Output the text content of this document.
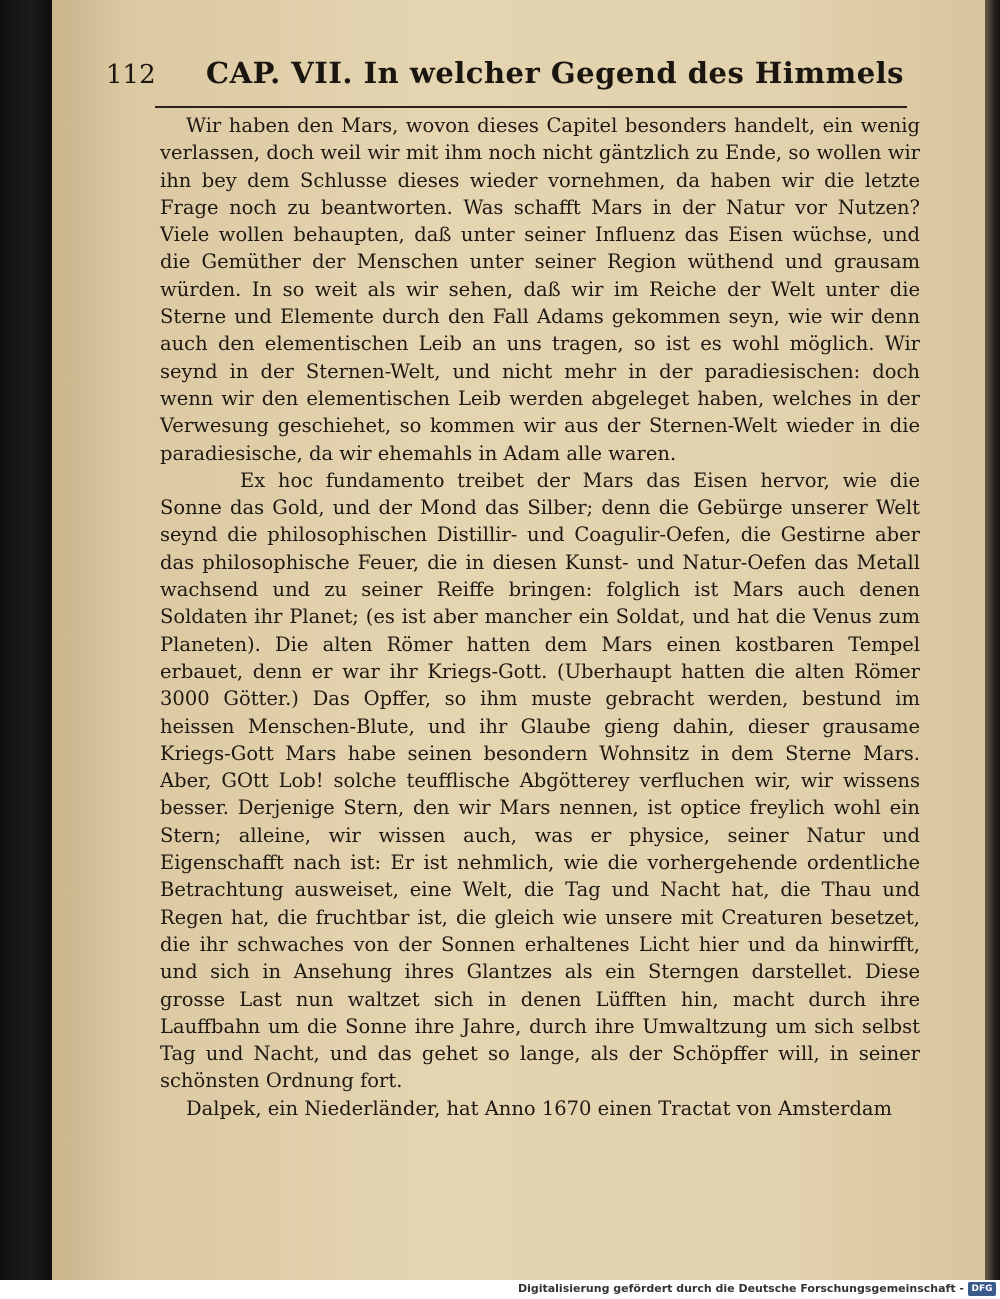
112 CAP. VII. In welcher Gegend des Himmels

Wir haben den Mars, wovon dieses Capitel besonders handelt, ein wenig verlassen, doch weil wir mit ihm noch nicht gäntzlich zu Ende, so wollen wir ihn bey dem Schlusse dieses wieder vornehmen, da haben wir die letzte Frage noch zu beantworten. Was schafft Mars in der Natur vor Nutzen? Viele wollen behaupten, daß unter seiner Influenz das Eisen wüchse, und die Gemüther der Menschen unter seiner Region wüthend und grausam würden. In so weit als wir sehen, daß wir im Reiche der Welt unter die Sterne und Elemente durch den Fall Adams gekommen seyn, wie wir denn auch den elementischen Leib an uns tragen, so ist es wohl möglich. Wir seynd in der Sternen-Welt, und nicht mehr in der paradiesischen: doch wenn wir den elementischen Leib werden abgeleget haben, welches in der Verwesung geschiehet, so kommen wir aus der Sternen-Welt wieder in die paradiesische, da wir ehemahls in Adam alle waren.

Ex hoc fundamento treibet der Mars das Eisen hervor, wie die Sonne das Gold, und der Mond das Silber; denn die Gebürge unserer Welt seynd die philosophischen Distillir- und Coagulir-Oefen, die Gestirne aber das philosophische Feuer, die in diesen Kunst- und Natur-Oefen das Metall wachsend und zu seiner Reiffe bringen: folglich ist Mars auch denen Soldaten ihr Planet; (es ist aber mancher ein Soldat, und hat die Venus zum Planeten). Die alten Römer hatten dem Mars einen kostbaren Tempel erbauet, denn er war ihr Kriegs-Gott. (Uberhaupt hatten die alten Römer 3000 Götter.) Das Opffer, so ihm muste gebracht werden, bestund im heissen Menschen-Blute, und ihr Glaube gieng dahin, dieser grausame Kriegs-Gott Mars habe seinen besondern Wohnsitz in dem Sterne Mars. Aber, GOtt Lob! solche teufflische Abgötterey verfluchen wir, wir wissens besser. Derjenige Stern, den wir Mars nennen, ist optice freylich wohl ein Stern; alleine, wir wissen auch, was er physice, seiner Natur und Eigenschafft nach ist: Er ist nehmlich, wie die vorhergehende ordentliche Betrachtung ausweiset, eine Welt, die Tag und Nacht hat, die Thau und Regen hat, die fruchtbar ist, die gleich wie unsere mit Creaturen besetzet, die ihr schwaches von der Sonnen erhaltenes Licht hier und da hinwirfft, und sich in Ansehung ihres Glantzes als ein Sterngen darstellet. Diese grosse Last nun waltzet sich in denen Lüfften hin, macht durch ihre Lauffbahn um die Sonne ihre Jahre, durch ihre Umwaltzung um sich selbst Tag und Nacht, und das gehet so lange, als der Schöpffer will, in seiner schönsten Ordnung fort.

Dalpek, ein Niederländer, hat Anno 1670 einen Tractat von Amsterdam

Digitalisierung gefördert durch die Deutsche Forschungsgemeinschaft - DFG
